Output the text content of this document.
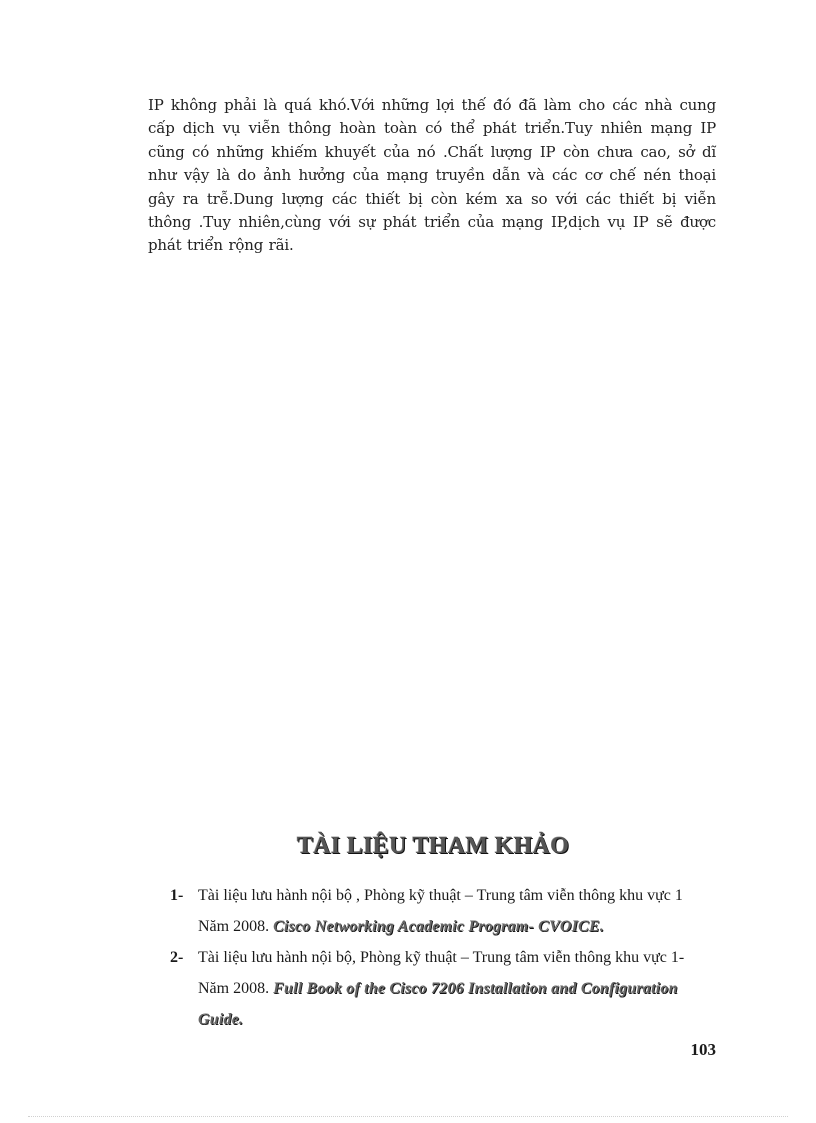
IP không phải là quá khó.Với những lợi thế đó đã làm cho các nhà cung cấp dịch vụ viễn thông hoàn toàn có thể phát triển.Tuy nhiên mạng IP cũng có những khiếm khuyết của nó .Chất lượng IP còn chưa cao, sở dĩ như vậy là do ảnh hưởng của mạng truyền dẫn và các cơ chế nén thoại gây ra trễ.Dung lượng các thiết bị còn kém xa so với các thiết bị viễn thông .Tuy nhiên,cùng với sự phát triển của mạng IP,dịch vụ IP sẽ được phát triển rộng rãi.

TÀI LIỆU THAM KHẢO
1- Tài liệu lưu hành nội bộ , Phòng kỹ thuật – Trung tâm viễn thông khu vực 1 Năm 2008. Cisco Networking Academic Program- CVOICE.
2- Tài liệu lưu hành nội bộ, Phòng kỹ thuật – Trung tâm viễn thông khu vực 1- Năm 2008. Full Book of the Cisco 7206 Installation and Configuration Guide.

103
